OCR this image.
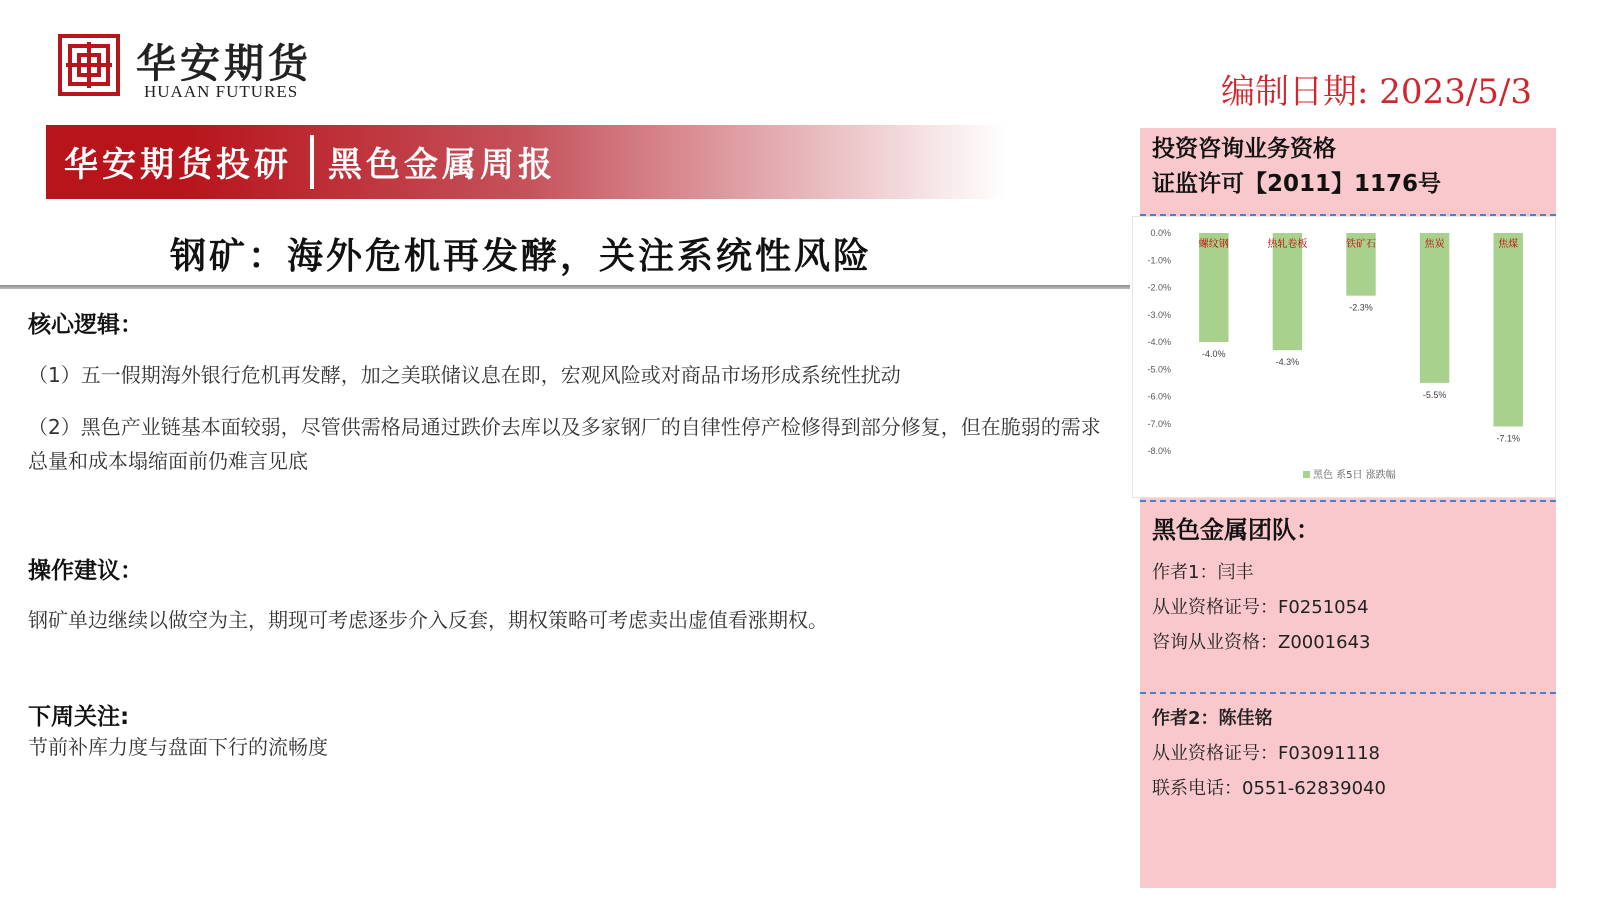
华安期货
HUAAN FUTURES	编制日期: 2023/5/3
华安期货投研 黑色金属周报
钢矿：海外危机再发酵，关注系统性风险
核心逻辑：
（1）五一假期海外银行危机再发酵，加之美联储议息在即，宏观风险或对商品市场形成系统性扰动
（2）黑色产业链基本面较弱，尽管供需格局通过跌价去库以及多家钢厂的自律性停产检修得到部分修复，但在脆弱的需求总量和成本塌缩面前仍难言见底
操作建议：
钢矿单边继续以做空为主，期现可考虑逐步介入反套，期权策略可考虑卖出虚值看涨期权。
下周关注:
节前补库力度与盘面下行的流畅度
投资咨询业务资格
证监许可【2011】1176号
0.0%
-1.0%
-2.0%
-3.0%
-4.0%
-5.0%
-6.0%
-7.0%
-8.0%
螺纹钢
-4.0%
热轧卷板
-4.3%
铁矿石
-2.3%
焦炭
-5.5%
焦煤
-7.1%
黑色 系5日 涨跌幅
黑色金属团队：
作者1：闫丰
从业资格证号：F0251054
咨询从业资格：Z0001643
作者2：陈佳铭
从业资格证号：F03091118
联系电话：0551-62839040
